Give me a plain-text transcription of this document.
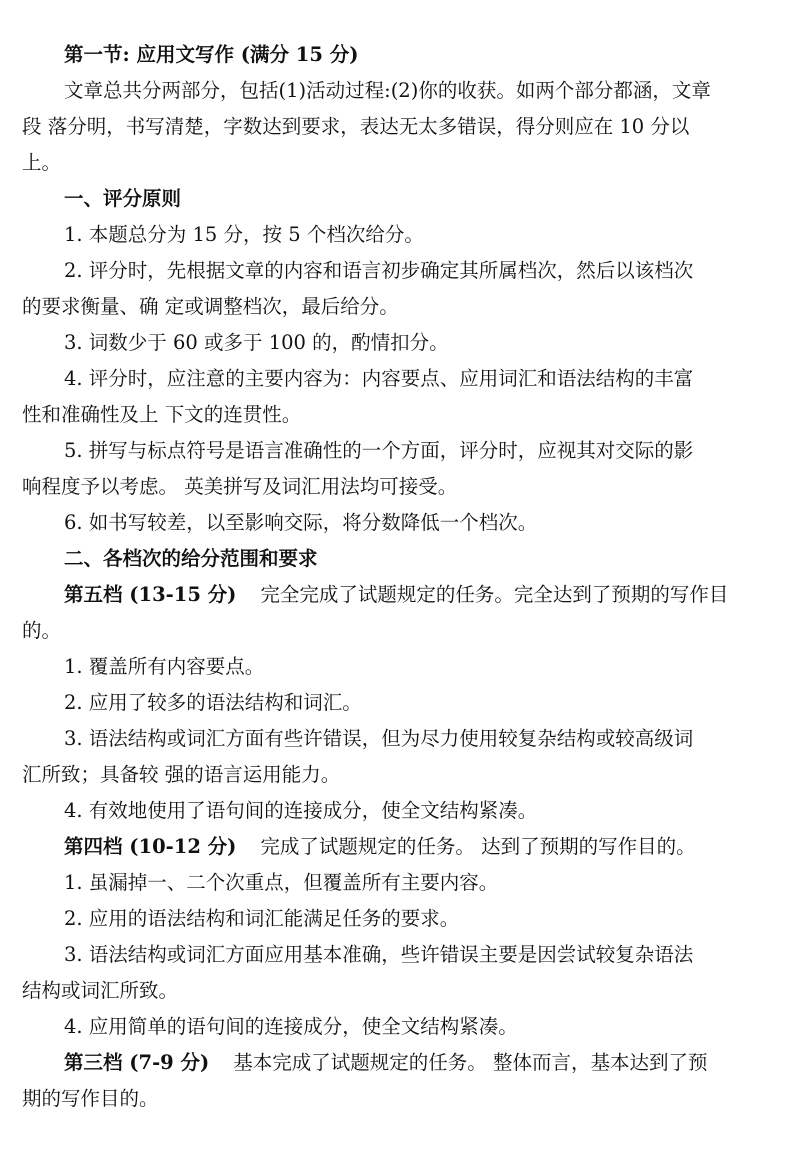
第一节: 应用文写作 (满分 15 分)
文章总共分两部分，包括(1)活动过程:(2)你的收获。如两个部分都涵，文章
段 落分明，书写清楚，字数达到要求，表达无太多错误，得分则应在 10 分以
上。
一、评分原则
1. 本题总分为 15 分，按 5 个档次给分。
2. 评分时，先根据文章的内容和语言初步确定其所属档次，然后以该档次
的要求衡量、确 定或调整档次，最后给分。
3. 词数少于 60 或多于 100 的，酌情扣分。
4. 评分时，应注意的主要内容为：内容要点、应用词汇和语法结构的丰富
性和准确性及上 下文的连贯性。
5. 拼写与标点符号是语言准确性的一个方面，评分时，应视其对交际的影
响程度予以考虑。 英美拼写及词汇用法均可接受。
6. 如书写较差，以至影响交际，将分数降低一个档次。
二、各档次的给分范围和要求
第五档 (13-15 分) 完全完成了试题规定的任务。完全达到了预期的写作目
的。
1. 覆盖所有内容要点。
2. 应用了较多的语法结构和词汇。
3. 语法结构或词汇方面有些许错误，但为尽力使用较复杂结构或较高级词
汇所致；具备较 强的语言运用能力。
4. 有效地使用了语句间的连接成分，使全文结构紧凑。
第四档 (10-12 分) 完成了试题规定的任务。 达到了预期的写作目的。
1. 虽漏掉一、二个次重点，但覆盖所有主要内容。
2. 应用的语法结构和词汇能满足任务的要求。
3. 语法结构或词汇方面应用基本准确，些许错误主要是因尝试较复杂语法
结构或词汇所致。
4. 应用简单的语句间的连接成分，使全文结构紧凑。
第三档 (7-9 分) 基本完成了试题规定的任务。 整体而言，基本达到了预
期的写作目的。
